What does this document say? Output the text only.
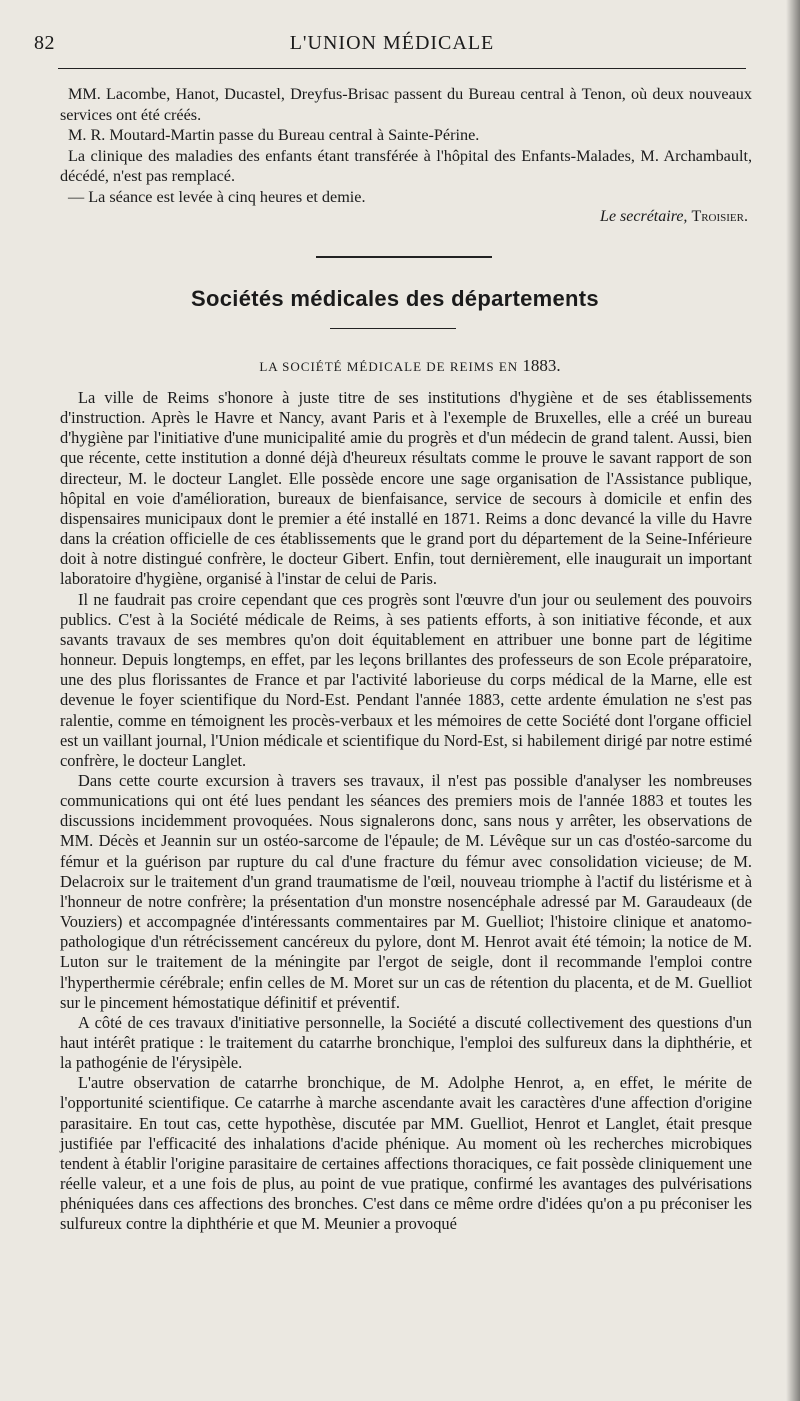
82	L'UNION MÉDICALE

MM. Lacombe, Hanot, Ducastel, Dreyfus-Brisac passent du Bureau central à Tenon, où deux nouveaux services ont été créés.

M. R. Moutard-Martin passe du Bureau central à Sainte-Périne.

La clinique des maladies des enfants étant transférée à l'hôpital des Enfants-Malades, M. Archambault, décédé, n'est pas remplacé.

— La séance est levée à cinq heures et demie.

Le secrétaire, Troisier.
Sociétés médicales des départements
LA SOCIÉTÉ MÉDICALE DE REIMS EN 1883.

La ville de Reims s'honore à juste titre de ses institutions d'hygiène et de ses établissements d'instruction. Après le Havre et Nancy, avant Paris et à l'exemple de Bruxelles, elle a créé un bureau d'hygiène par l'initiative d'une municipalité amie du progrès et d'un médecin de grand talent. Aussi, bien que récente, cette institution a donné déjà d'heureux résultats comme le prouve le savant rapport de son directeur, M. le docteur Langlet. Elle possède encore une sage organisation de l'Assistance publique, hôpital en voie d'amélioration, bureaux de bienfaisance, service de secours à domicile et enfin des dispensaires municipaux dont le premier a été installé en 1871. Reims a donc devancé la ville du Havre dans la création officielle de ces établissements que le grand port du département de la Seine-Inférieure doit à notre distingué confrère, le docteur Gibert. Enfin, tout dernièrement, elle inaugurait un important laboratoire d'hygiène, organisé à l'instar de celui de Paris.

Il ne faudrait pas croire cependant que ces progrès sont l'œuvre d'un jour ou seulement des pouvoirs publics. C'est à la Société médicale de Reims, à ses patients efforts, à son initiative féconde, et aux savants travaux de ses membres qu'on doit équitablement en attribuer une bonne part de légitime honneur. Depuis longtemps, en effet, par les leçons brillantes des professeurs de son Ecole préparatoire, une des plus florissantes de France et par l'activité laborieuse du corps médical de la Marne, elle est devenue le foyer scientifique du Nord-Est. Pendant l'année 1883, cette ardente émulation ne s'est pas ralentie, comme en témoignent les procès-verbaux et les mémoires de cette Société dont l'organe officiel est un vaillant journal, l'Union médicale et scientifique du Nord-Est, si habilement dirigé par notre estimé confrère, le docteur Langlet.

Dans cette courte excursion à travers ses travaux, il n'est pas possible d'analyser les nombreuses communications qui ont été lues pendant les séances des premiers mois de l'année 1883 et toutes les discussions incidemment provoquées. Nous signalerons donc, sans nous y arrêter, les observations de MM. Décès et Jeannin sur un ostéo-sarcome de l'épaule; de M. Lévêque sur un cas d'ostéo-sarcome du fémur et la guérison par rupture du cal d'une fracture du fémur avec consolidation vicieuse; de M. Delacroix sur le traitement d'un grand traumatisme de l'œil, nouveau triomphe à l'actif du listérisme et à l'honneur de notre confrère; la présentation d'un monstre nosencéphale adressé par M. Garaudeaux (de Vouziers) et accompagnée d'intéressants commentaires par M. Guelliot; l'histoire clinique et anatomo-pathologique d'un rétrécissement cancéreux du pylore, dont M. Henrot avait été témoin; la notice de M. Luton sur le traitement de la méningite par l'ergot de seigle, dont il recommande l'emploi contre l'hyperthermie cérébrale; enfin celles de M. Moret sur un cas de rétention du placenta, et de M. Guelliot sur le pincement hémostatique définitif et préventif.

A côté de ces travaux d'initiative personnelle, la Société a discuté collectivement des questions d'un haut intérêt pratique : le traitement du catarrhe bronchique, l'emploi des sulfureux dans la diphthérie, et la pathogénie de l'érysipèle.

L'autre observation de catarrhe bronchique, de M. Adolphe Henrot, a, en effet, le mérite de l'opportunité scientifique. Ce catarrhe à marche ascendante avait les caractères d'une affection d'origine parasitaire. En tout cas, cette hypothèse, discutée par MM. Guelliot, Henrot et Langlet, était presque justifiée par l'efficacité des inhalations d'acide phénique. Au moment où les recherches microbiques tendent à établir l'origine parasitaire de certaines affections thoraciques, ce fait possède cliniquement une réelle valeur, et a une fois de plus, au point de vue pratique, confirmé les avantages des pulvérisations phéniquées dans ces affections des bronches. C'est dans ce même ordre d'idées qu'on a pu préconiser les sulfureux contre la diphthérie et que M. Meunier a provoqué
